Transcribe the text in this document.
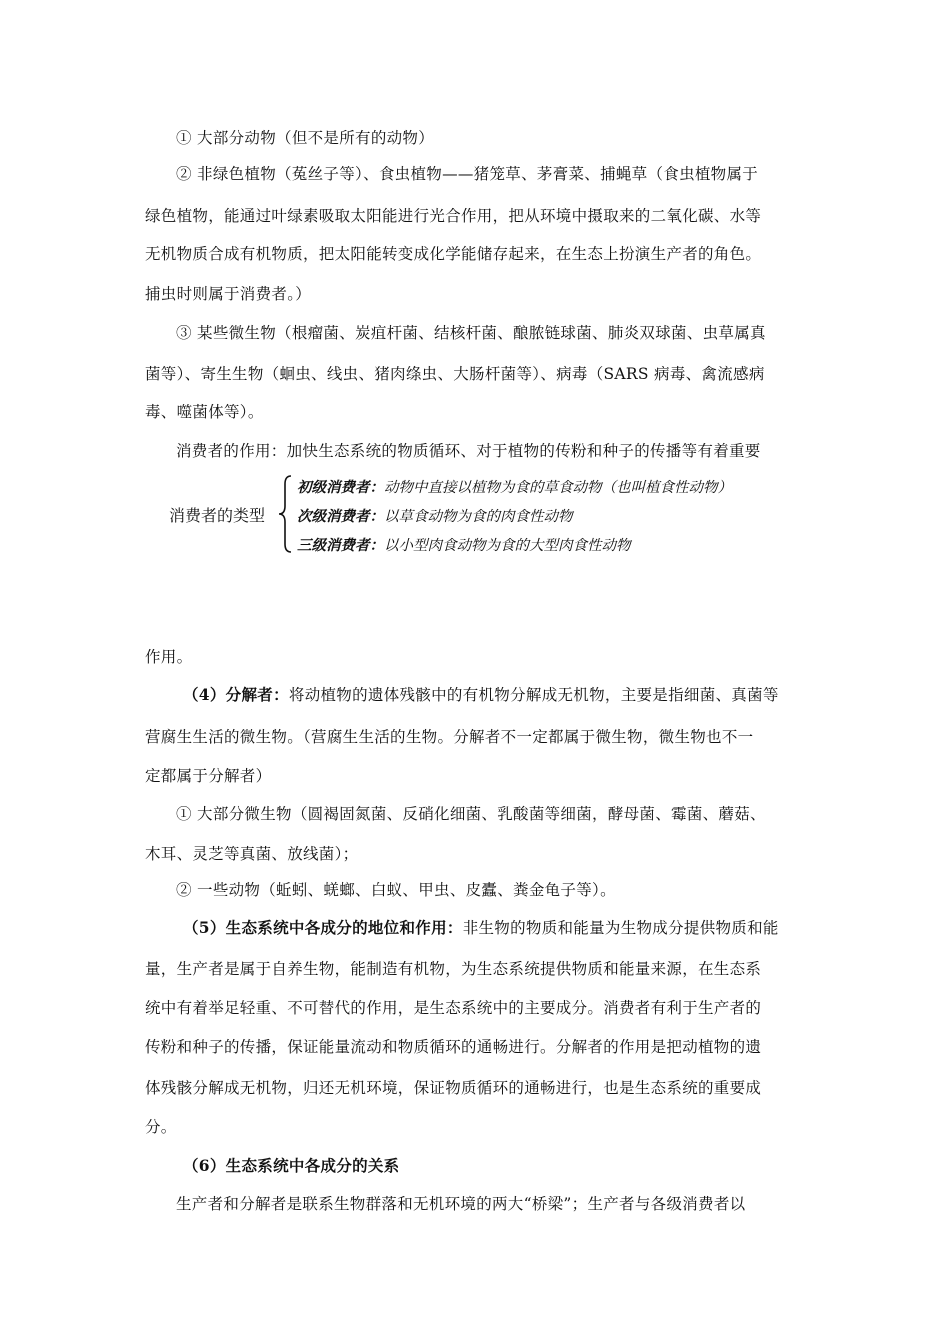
① 大部分动物（但不是所有的动物）
② 非绿色植物（菟丝子等）、食虫植物——猪笼草、茅膏菜、捕蝇草（食虫植物属于
绿色植物，能通过叶绿素吸取太阳能进行光合作用，把从环境中摄取来的二氧化碳、水等
无机物质合成有机物质，把太阳能转变成化学能储存起来，在生态上扮演生产者的角色。
捕虫时则属于消费者。）
③ 某些微生物（根瘤菌、炭疽杆菌、结核杆菌、酿脓链球菌、肺炎双球菌、虫草属真
菌等）、寄生生物（蛔虫、线虫、猪肉绦虫、大肠杆菌等）、病毒（SARS 病毒、禽流感病
毒、噬菌体等）。
消费者的作用：加快生态系统的物质循环、对于植物的传粉和种子的传播等有着重要
消费者的类型
初级消费者：动物中直接以植物为食的草食动物（也叫植食性动物）
次级消费者：以草食动物为食的肉食性动物
三级消费者：以小型肉食动物为食的大型肉食性动物
作用。
（4）分解者：将动植物的遗体残骸中的有机物分解成无机物，主要是指细菌、真菌等
营腐生生活的微生物。（营腐生生活的生物。分解者不一定都属于微生物，微生物也不一
定都属于分解者）
① 大部分微生物（圆褐固氮菌、反硝化细菌、乳酸菌等细菌，酵母菌、霉菌、蘑菇、
木耳、灵芝等真菌、放线菌）；
② 一些动物（蚯蚓、蜣螂、白蚁、甲虫、皮蠹、粪金龟子等）。
（5）生态系统中各成分的地位和作用：非生物的物质和能量为生物成分提供物质和能
量，生产者是属于自养生物，能制造有机物，为生态系统提供物质和能量来源，在生态系
统中有着举足轻重、不可替代的作用，是生态系统中的主要成分。消费者有利于生产者的
传粉和种子的传播，保证能量流动和物质循环的通畅进行。分解者的作用是把动植物的遗
体残骸分解成无机物，归还无机环境，保证物质循环的通畅进行，也是生态系统的重要成
分。
（6）生态系统中各成分的关系
生产者和分解者是联系生物群落和无机环境的两大“桥梁”；生产者与各级消费者以
